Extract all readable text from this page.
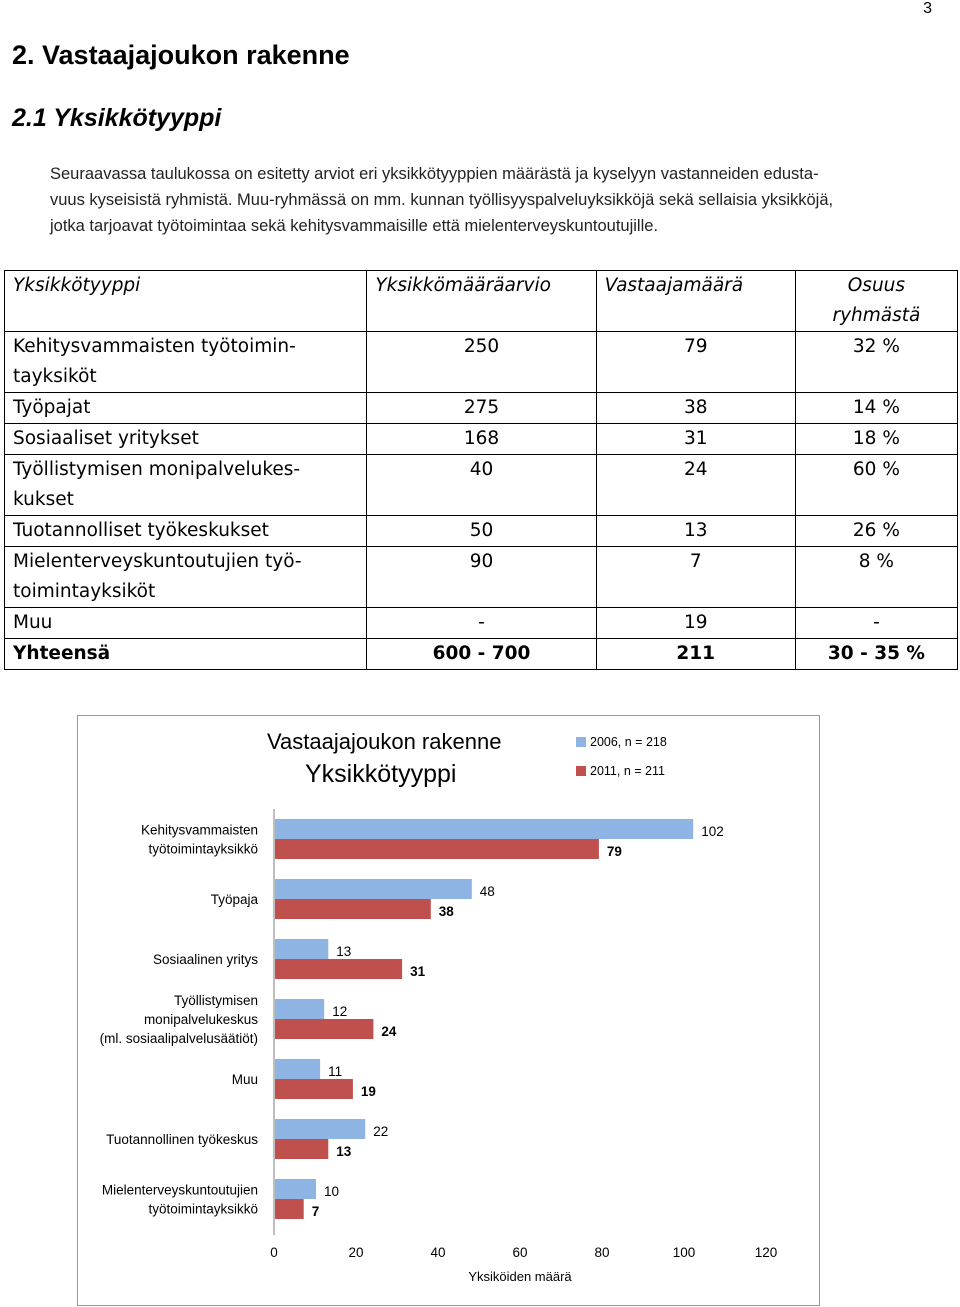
3
2. Vastaajajoukon rakenne
2.1 Yksikkötyyppi

Seuraavassa taulukossa on esitetty arviot eri yksikkötyyppien määrästä ja kyselyyn vastanneiden edusta-
vuus kyseisistä ryhmistä. Muu-ryhmässä on mm. kunnan työllisyyspalveluyksikköjä sekä sellaisia yksikköjä,
jotka tarjoavat työtoimintaa sekä kehitysvammaisille että mielenterveyskuntoutujille.

Yksikkötyyppi	Yksikkömääräarvio	Vastaajamäärä	Osuus ryhmästä
Kehitysvammaisten työtoimin-tayksiköt	250	79	32 %
Työpajat	275	38	14 %
Sosiaaliset yritykset	168	31	18 %
Työllistymisen monipalvelukes-kukset	40	24	60 %
Tuotannolliset työkeskukset	50	13	26 %
Mielenterveyskuntoutujien työ-toimintayksiköt	90	7	8 %
Muu	-	19	-
Yhteensä	600 - 700	211	30 - 35 %
Vastaajajoukon rakenne
Yksikkötyyppi
2006, n = 218
2011, n = 211
0	20	40	60	80	100	120
Yksiköiden määrä
102
79
Kehitysvammaisten
työtoimintayksikkö
48
38
Työpaja
13
31
Sosiaalinen yritys
12
24
Työllistymisen
monipalvelukeskus
(ml. sosiaalipalvelusäätiöt)
11
19
Muu
22
13
Tuotannollinen työkeskus
10
7
Mielenterveyskuntoutujien
työtoimintayksikkö
